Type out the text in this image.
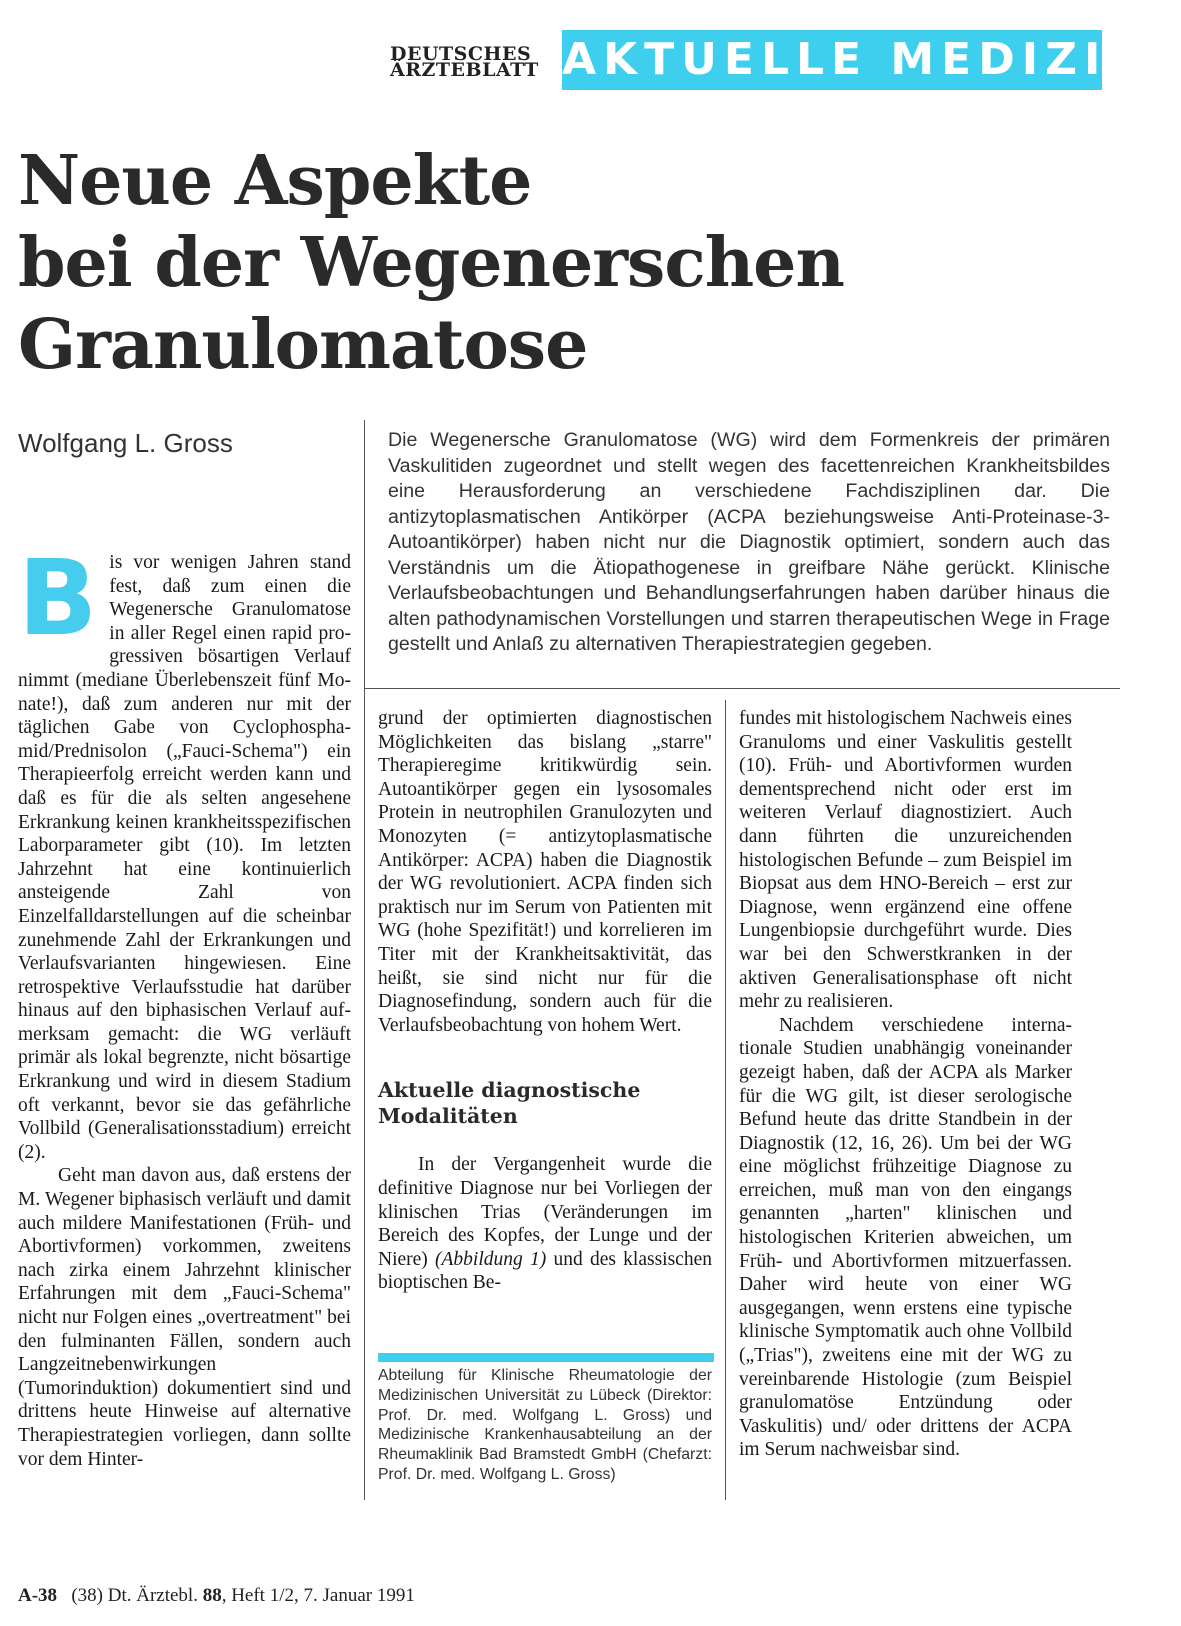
DEUTSCHES
ÄRZTEBLATT AKTUELLE MEDIZIN
Neue Aspekte
bei der Wegenerschen
Granulomatose
Wolfgang L. Gross	Die Wegenersche Granulomatose (WG) wird dem Formenkreis der primären Vaskulitiden zugeordnet und stellt wegen des facettenreichen Krankheitsbildes eine Herausforderung an verschiedene Fachdisziplinen dar. Die antizytoplasmatischen Antikörper (ACPA beziehungsweise Anti-Proteinase-3-Autoantikörper) haben nicht nur die Diagnostik optimiert, sondern auch das Verständnis um die Ätiopathogenese in greifbare Nähe gerückt. Klinische Verlaufsbeobachtungen und Behandlungserfahrungen haben darüber hinaus die alten pathodynamischen Vorstellungen und starren therapeutischen Wege in Frage gestellt und Anlaß zu alternativen Therapiestrategien gegeben.
B is vor wenigen Jahren stand fest, daß zum einen die Wegenersche Granulomatose in aller Regel einen rapid progressiven bösartigen Verlauf nimmt (mediane Überlebenszeit fünf Monate!), daß zum anderen nur mit der täglichen Gabe von Cyclophosphamid/Prednisolon („Fauci-Schema") ein Therapieerfolg erreicht werden kann und daß es für die als selten angesehene Erkrankung keinen krankheitsspezifischen Laborparameter gibt (10). Im letzten Jahrzehnt hat eine kontinuierlich ansteigende Zahl von Einzelfalldarstellungen auf die scheinbar zunehmende Zahl der Erkrankungen und Verlaufsvarianten hingewiesen. Eine retrospektive Verlaufsstudie hat darüber hinaus auf den biphasischen Verlauf aufmerksam gemacht: die WG verläuft primär als lokal begrenzte, nicht bösartige Erkrankung und wird in diesem Stadium oft verkannt, bevor sie das gefährliche Vollbild (Generalisationsstadium) erreicht (2).

Geht man davon aus, daß erstens der M. Wegener biphasisch verläuft und damit auch mildere Manifestationen (Früh- und Abortivformen) vorkommen, zweitens nach zirka einem Jahrzehnt klinischer Erfahrungen mit dem „Fauci-Schema" nicht nur Folgen eines „overtreatment" bei den fulminanten Fällen, sondern auch Langzeitnebenwirkungen (Tumorinduktion) dokumentiert sind und drittens heute Hinweise auf alternative Therapiestrategien vorliegen, dann sollte vor dem Hinter-

grund der optimierten diagnostischen Möglichkeiten das bislang „starre" Therapieregime kritikwürdig sein. Autoantikörper gegen ein lysosomales Protein in neutrophilen Granulozyten und Monozyten (= antizytoplasmatische Antikörper: ACPA) haben die Diagnostik der WG revolutioniert. ACPA finden sich praktisch nur im Serum von Patienten mit WG (hohe Spezifität!) und korrelieren im Titer mit der Krankheitsaktivität, das heißt, sie sind nicht nur für die Diagnosefindung, sondern auch für die Verlaufsbeobachtung von hohem Wert.

Aktuelle diagnostische
Modalitäten

In der Vergangenheit wurde die definitive Diagnose nur bei Vorliegen der klinischen Trias (Veränderungen im Bereich des Kopfes, der Lunge und der Niere) (Abbildung 1) und des klassischen bioptischen Be-

Abteilung für Klinische Rheumatologie der Medizinischen Universität zu Lübeck (Direktor: Prof. Dr. med. Wolfgang L. Gross) und Medizinische Krankenhausabteilung an der Rheumaklinik Bad Bramstedt GmbH (Chefarzt: Prof. Dr. med. Wolfgang L. Gross)

fundes mit histologischem Nachweis eines Granuloms und einer Vaskulitis gestellt (10). Früh- und Abortivformen wurden dementsprechend nicht oder erst im weiteren Verlauf diagnostiziert. Auch dann führten die unzureichenden histologischen Befunde – zum Beispiel im Biopsat aus dem HNO-Bereich – erst zur Diagnose, wenn ergänzend eine offene Lungenbiopsie durchgeführt wurde. Dies war bei den Schwerstkranken in der aktiven Generalisationsphase oft nicht mehr zu realisieren.

Nachdem verschiedene internationale Studien unabhängig voneinander gezeigt haben, daß der ACPA als Marker für die WG gilt, ist dieser serologische Befund heute das dritte Standbein in der Diagnostik (12, 16, 26). Um bei der WG eine möglichst frühzeitige Diagnose zu erreichen, muß man von den eingangs genannten „harten" klinischen und histologischen Kriterien abweichen, um Früh- und Abortivformen mitzuerfassen. Daher wird heute von einer WG ausgegangen, wenn erstens eine typische klinische Symptomatik auch ohne Vollbild („Trias"), zweitens eine mit der WG zu vereinbarende Histologie (zum Beispiel granulomatöse Entzündung oder Vaskulitis) und/ oder drittens der ACPA im Serum nachweisbar sind.

A-38 (38) Dt. Ärztebl. 88, Heft 1/2, 7. Januar 1991
